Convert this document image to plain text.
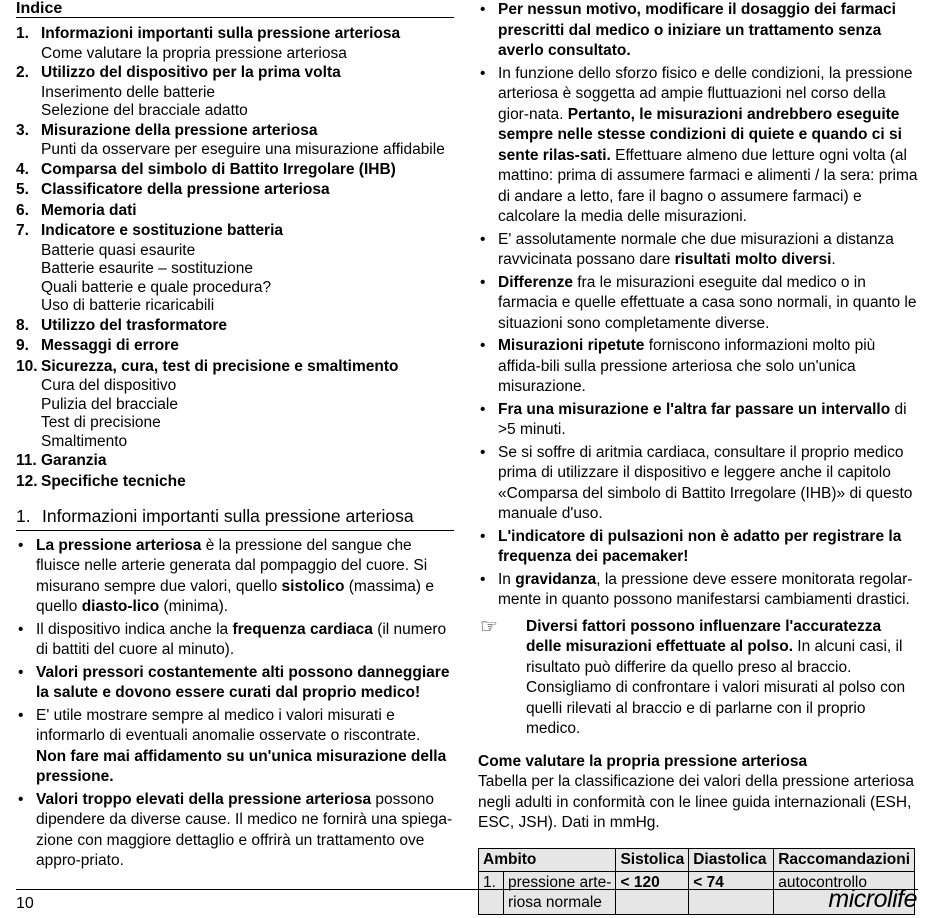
Indice
1. Informazioni importanti sulla pressione arteriosa
Come valutare la propria pressione arteriosa
2. Utilizzo del dispositivo per la prima volta
Inserimento delle batterie
Selezione del bracciale adatto
3. Misurazione della pressione arteriosa
Punti da osservare per eseguire una misurazione affidabile
4. Comparsa del simbolo di Battito Irregolare (IHB)
5. Classificatore della pressione arteriosa
6. Memoria dati
7. Indicatore e sostituzione batteria
Batterie quasi esaurite
Batterie esaurite – sostituzione
Quali batterie e quale procedura?
Uso di batterie ricaricabili
8. Utilizzo del trasformatore
9. Messaggi di errore
10. Sicurezza, cura, test di precisione e smaltimento
Cura del dispositivo
Pulizia del bracciale
Test di precisione
Smaltimento
11. Garanzia
12. Specifiche tecniche
1. Informazioni importanti sulla pressione arteriosa
• La pressione arteriosa è la pressione del sangue che fluisce nelle arterie generata dal pompaggio del cuore. Si misurano sempre due valori, quello sistolico (massima) e quello diasto-lico (minima).
• Il dispositivo indica anche la frequenza cardiaca (il numero di battiti del cuore al minuto).
• Valori pressori costantemente alti possono danneggiare la salute e dovono essere curati dal proprio medico!
• E' utile mostrare sempre al medico i valori misurati e informarlo di eventuali anomalie osservate o riscontrate. Non fare mai affidamento su un'unica misurazione della pressione.
• Valori troppo elevati della pressione arteriosa possono dipendere da diverse cause. Il medico ne fornirà una spiega-zione con maggiore dettaglio e offrirà un trattamento ove appro-priato.
• Per nessun motivo, modificare il dosaggio dei farmaci prescritti dal medico o iniziare un trattamento senza averlo consultato.
• In funzione dello sforzo fisico e delle condizioni, la pressione arteriosa è soggetta ad ampie fluttuazioni nel corso della gior-nata. Pertanto, le misurazioni andrebbero eseguite sempre nelle stesse condizioni di quiete e quando ci si sente rilas-sati. Effettuare almeno due letture ogni volta (al mattino: prima di assumere farmaci e alimenti / la sera: prima di andare a letto, fare il bagno o assumere farmaci) e calcolare la media delle misurazioni.
• E' assolutamente normale che due misurazioni a distanza ravvicinata possano dare risultati molto diversi.
• Differenze fra le misurazioni eseguite dal medico o in farmacia e quelle effettuate a casa sono normali, in quanto le situazioni sono completamente diverse.
• Misurazioni ripetute forniscono informazioni molto più affida-bili sulla pressione arteriosa che solo un'unica misurazione.
• Fra una misurazione e l'altra far passare un intervallo di >5 minuti.
• Se si soffre di aritmia cardiaca, consultare il proprio medico prima di utilizzare il dispositivo e leggere anche il capitolo «Comparsa del simbolo di Battito Irregolare (IHB)» di questo manuale d'uso.
• L'indicatore di pulsazioni non è adatto per registrare la frequenza dei pacemaker!
• In gravidanza, la pressione deve essere monitorata regolar-mente in quanto possono manifestarsi cambiamenti drastici.
☞	Diversi fattori possono influenzare l'accuratezza delle misurazioni effettuate al polso. In alcuni casi, il risultato può differire da quello preso al braccio. Consigliamo di confrontare i valori misurati al polso con quelli rilevati al braccio e di parlarne con il proprio medico.
Come valutare la propria pressione arteriosa
Tabella per la classificazione dei valori della pressione arteriosa negli adulti in conformità con le linee guida internazionali (ESH, ESC, JSH). Dati in mmHg.
Ambito		Sistolica	Diastolica	Raccomandazioni
1.	pressione arte-riosa normale	< 120	< 74	autocontrollo
10	microlife
